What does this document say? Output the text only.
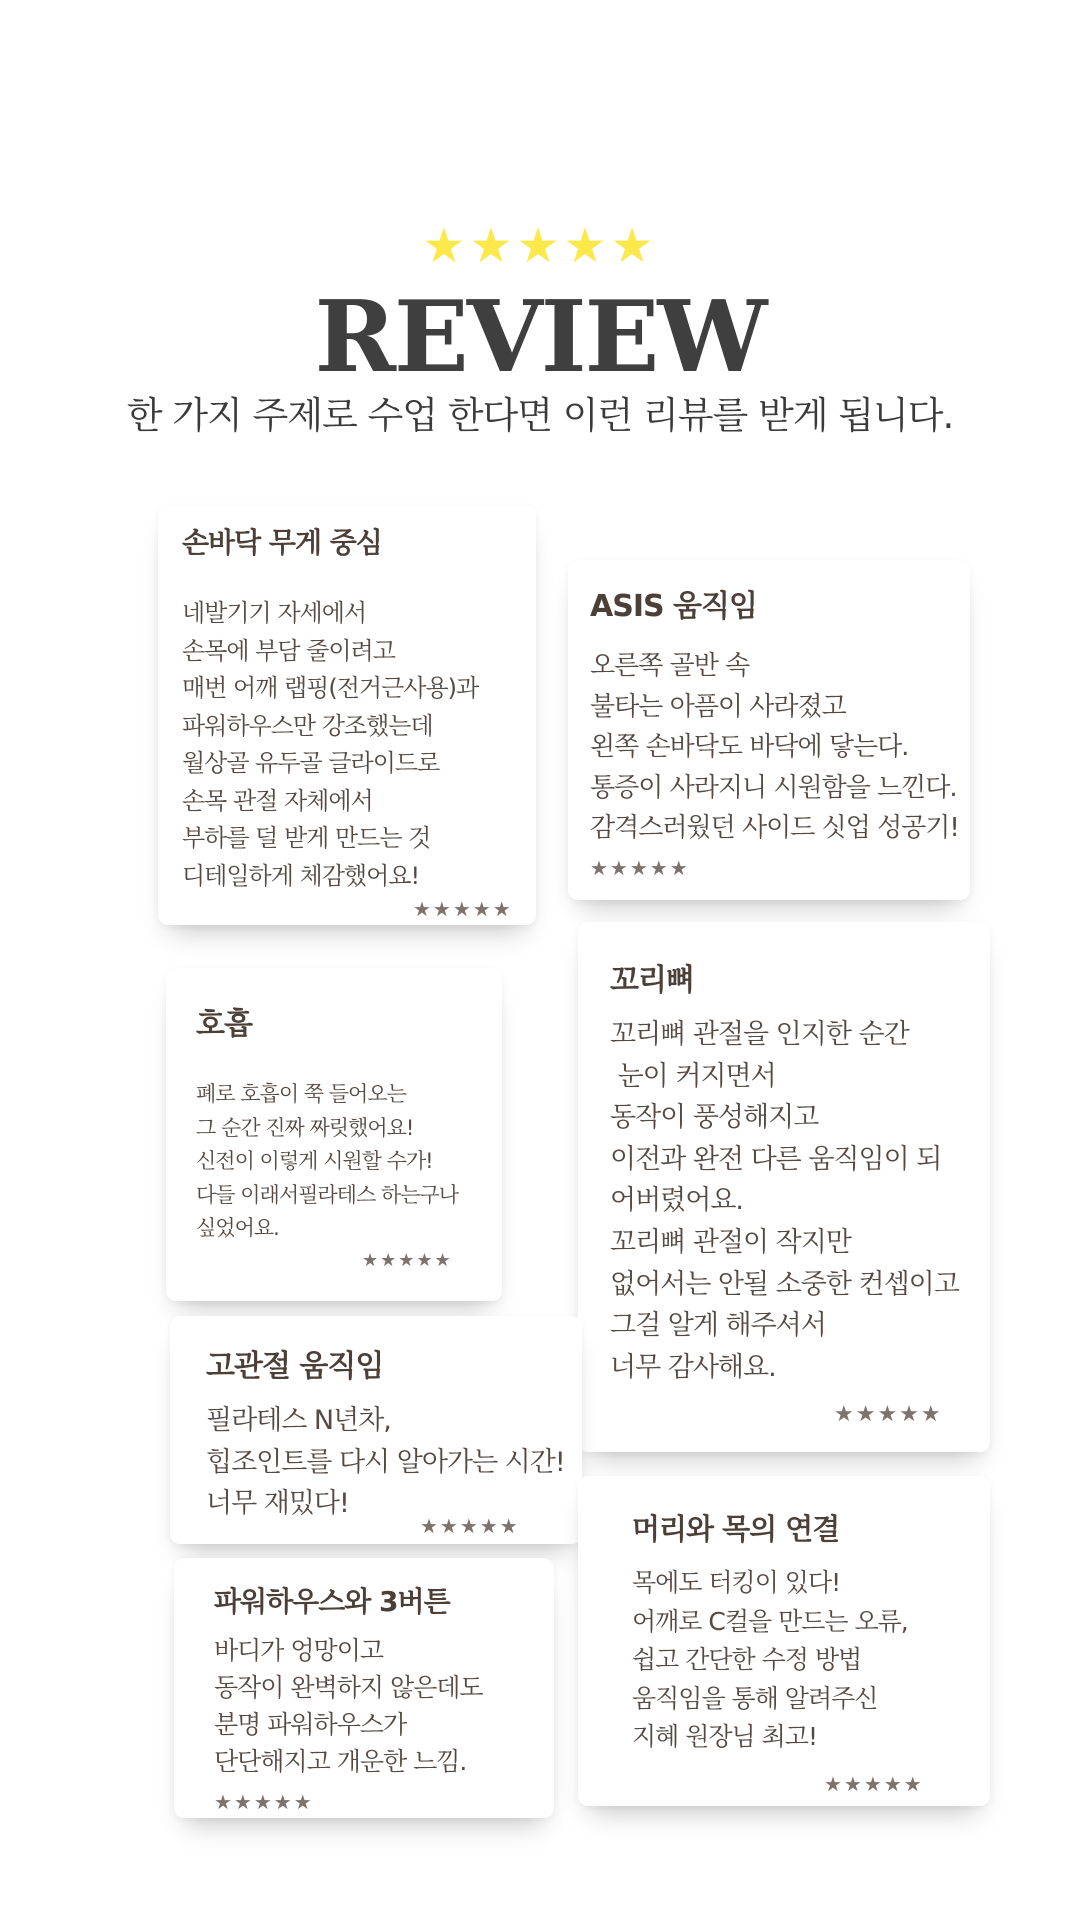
★★★★★
REVIEW
한 가지 주제로 수업 한다면 이런 리뷰를 받게 됩니다.
손바닥 무게 중심
네발기기 자세에서
손목에 부담 줄이려고
매번 어깨 랩핑(전거근사용)과
파워하우스만 강조했는데
월상골 유두골 글라이드로
손목 관절 자체에서
부하를 덜 받게 만드는 것
디테일하게 체감했어요!
★★★★★
ASIS 움직임
오른쪽 골반 속
불타는 아픔이 사라졌고
왼쪽 손바닥도 바닥에 닿는다.
통증이 사라지니 시원함을 느낀다.
감격스러웠던 사이드 싯업 성공기!
★★★★★
호흡
폐로 호흡이 쭉 들어오는
그 순간 진짜 짜릿했어요!
신전이 이렇게 시원할 수가!
다들 이래서필라테스 하는구나
싶었어요.
★★★★★
꼬리뼈
꼬리뼈 관절을 인지한 순간
눈이 커지면서
동작이 풍성해지고
이전과 완전 다른 움직임이 되
어버렸어요.
꼬리뼈 관절이 작지만
없어서는 안될 소중한 컨셉이고
그걸 알게 해주셔서
너무 감사해요.
★★★★★
고관절 움직임
필라테스 N년차,
힙조인트를 다시 알아가는 시간!
너무 재밌다!
★★★★★	머리와 목의 연결
목에도 터킹이 있다!
어깨로 C컬을 만드는 오류,
쉽고 간단한 수정 방법
움직임을 통해 알려주신
지혜 원장님 최고!
★★★★★
파워하우스와 3버튼
바디가 엉망이고
동작이 완벽하지 않은데도
분명 파워하우스가
단단해지고 개운한 느낌.
★★★★★
